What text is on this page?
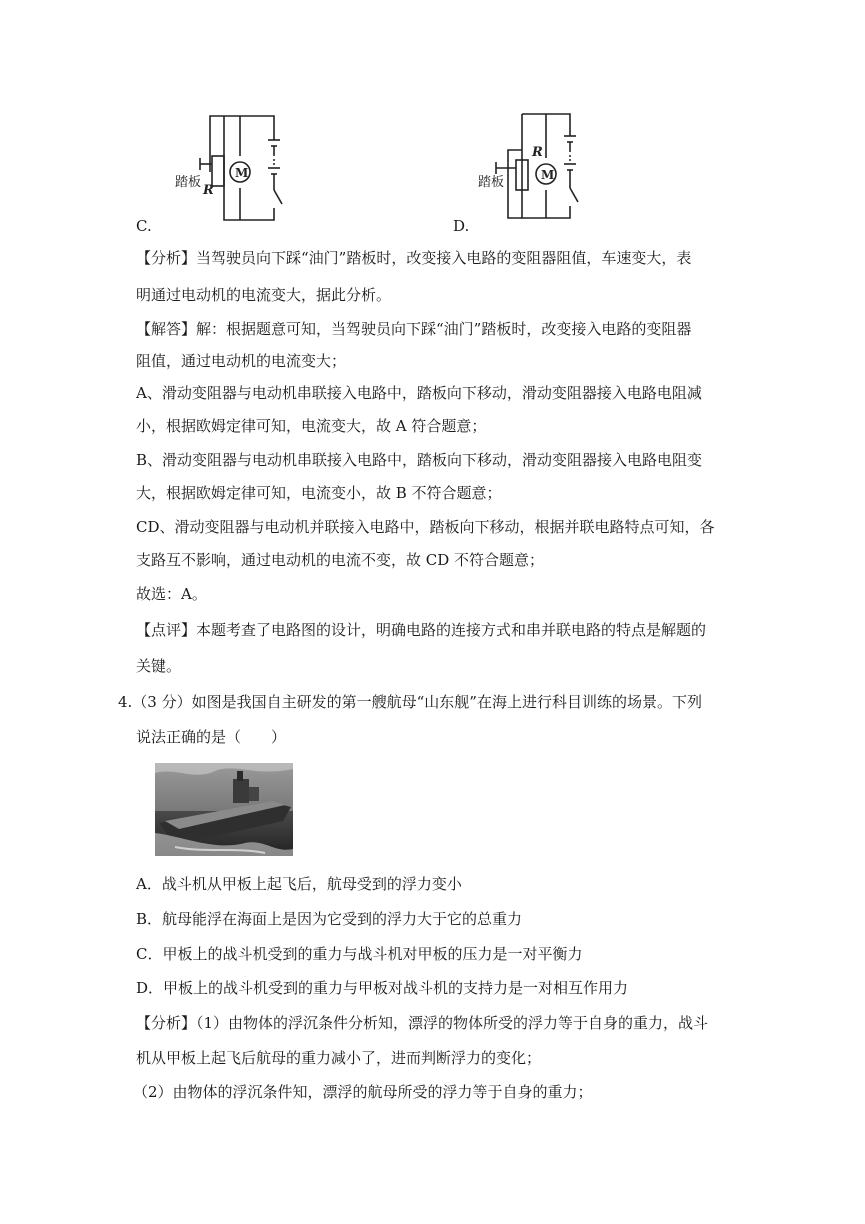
踏板
R
M
C.
踏板
R
M
D.
【分析】当驾驶员向下踩“油门”踏板时，改变接入电路的变阻器阻值，车速变大，表
明通过电动机的电流变大，据此分析。
【解答】解：根据题意可知，当驾驶员向下踩“油门”踏板时，改变接入电路的变阻器
阻值，通过电动机的电流变大；
A、滑动变阻器与电动机串联接入电路中，踏板向下移动，滑动变阻器接入电路电阻减
小，根据欧姆定律可知，电流变大，故 A 符合题意；
B、滑动变阻器与电动机串联接入电路中，踏板向下移动，滑动变阻器接入电路电阻变
大，根据欧姆定律可知，电流变小，故 B 不符合题意；
CD、滑动变阻器与电动机并联接入电路中，踏板向下移动，根据并联电路特点可知，各
支路互不影响，通过电动机的电流不变，故 CD 不符合题意；
故选：A。
【点评】本题考查了电路图的设计，明确电路的连接方式和串并联电路的特点是解题的
关键。
4.（3 分）如图是我国自主研发的第一艘航母“山东舰”在海上进行科目训练的场景。下列
说法正确的是（　　）
A．战斗机从甲板上起飞后，航母受到的浮力变小
B．航母能浮在海面上是因为它受到的浮力大于它的总重力
C．甲板上的战斗机受到的重力与战斗机对甲板的压力是一对平衡力
D．甲板上的战斗机受到的重力与甲板对战斗机的支持力是一对相互作用力
【分析】（1）由物体的浮沉条件分析知，漂浮的物体所受的浮力等于自身的重力，战斗
机从甲板上起飞后航母的重力减小了，进而判断浮力的变化；
（2）由物体的浮沉条件知，漂浮的航母所受的浮力等于自身的重力；
